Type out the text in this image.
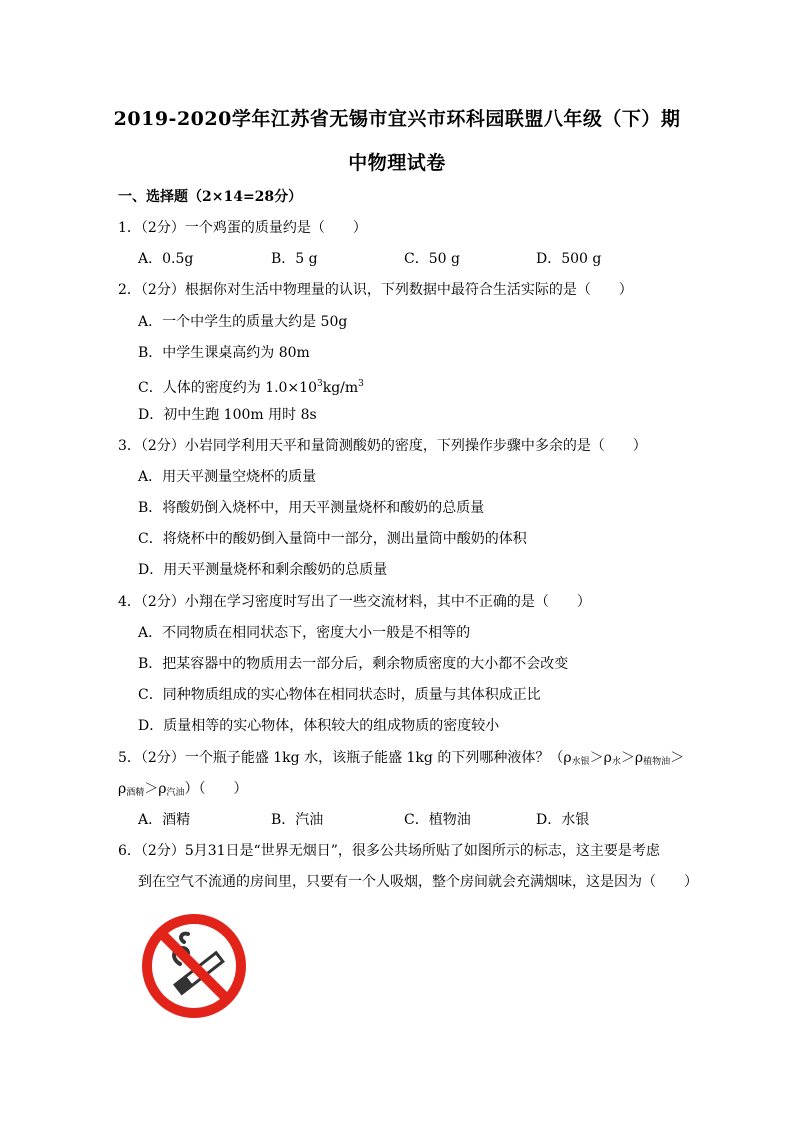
2019-2020学年江苏省无锡市宜兴市环科园联盟八年级（下）期
中物理试卷
一、选择题（2×14=28分）
1．（2分）一个鸡蛋的质量约是（　　）
A．0.5g	B．5 g	C．50 g	D．500 g
2．（2分）根据你对生活中物理量的认识，下列数据中最符合生活实际的是（　　）
A．一个中学生的质量大约是 50g
B．中学生课桌高约为 80m
C．人体的密度约为 $1.0\times 10^3kg/m^3$
D．初中生跑 100m 用时 8s
3．（2分）小岩同学利用天平和量筒测酸奶的密度，下列操作步骤中多余的是（　　）
A．用天平测量空烧杯的质量
B．将酸奶倒入烧杯中，用天平测量烧杯和酸奶的总质量
C．将烧杯中的酸奶倒入量筒中一部分，测出量筒中酸奶的体积
D．用天平测量烧杯和剩余酸奶的总质量
4．（2分）小翔在学习密度时写出了一些交流材料，其中不正确的是（　　）
A．不同物质在相同状态下，密度大小一般是不相等的
B．把某容器中的物质用去一部分后，剩余物质密度的大小都不会改变
C．同种物质组成的实心物体在相同状态时，质量与其体积成正比
D．质量相等的实心物体，体积较大的组成物质的密度较小
5．（2分）一个瓶子能盛 1kg 水，该瓶子能盛 1kg 的下列哪种液体？（$\rho_{水银}>\rho_水>\rho_{植物油}>$
$\rho_{酒精}>\rho_{汽油}$）（　　）
A．酒精	B．汽油	C．植物油	D．水银
6．（2分）5月31日是“世界无烟日”，很多公共场所贴了如图所示的标志，这主要是考虑
到在空气不流通的房间里，只要有一个人吸烟，整个房间就会充满烟味，这是因为（　　）
